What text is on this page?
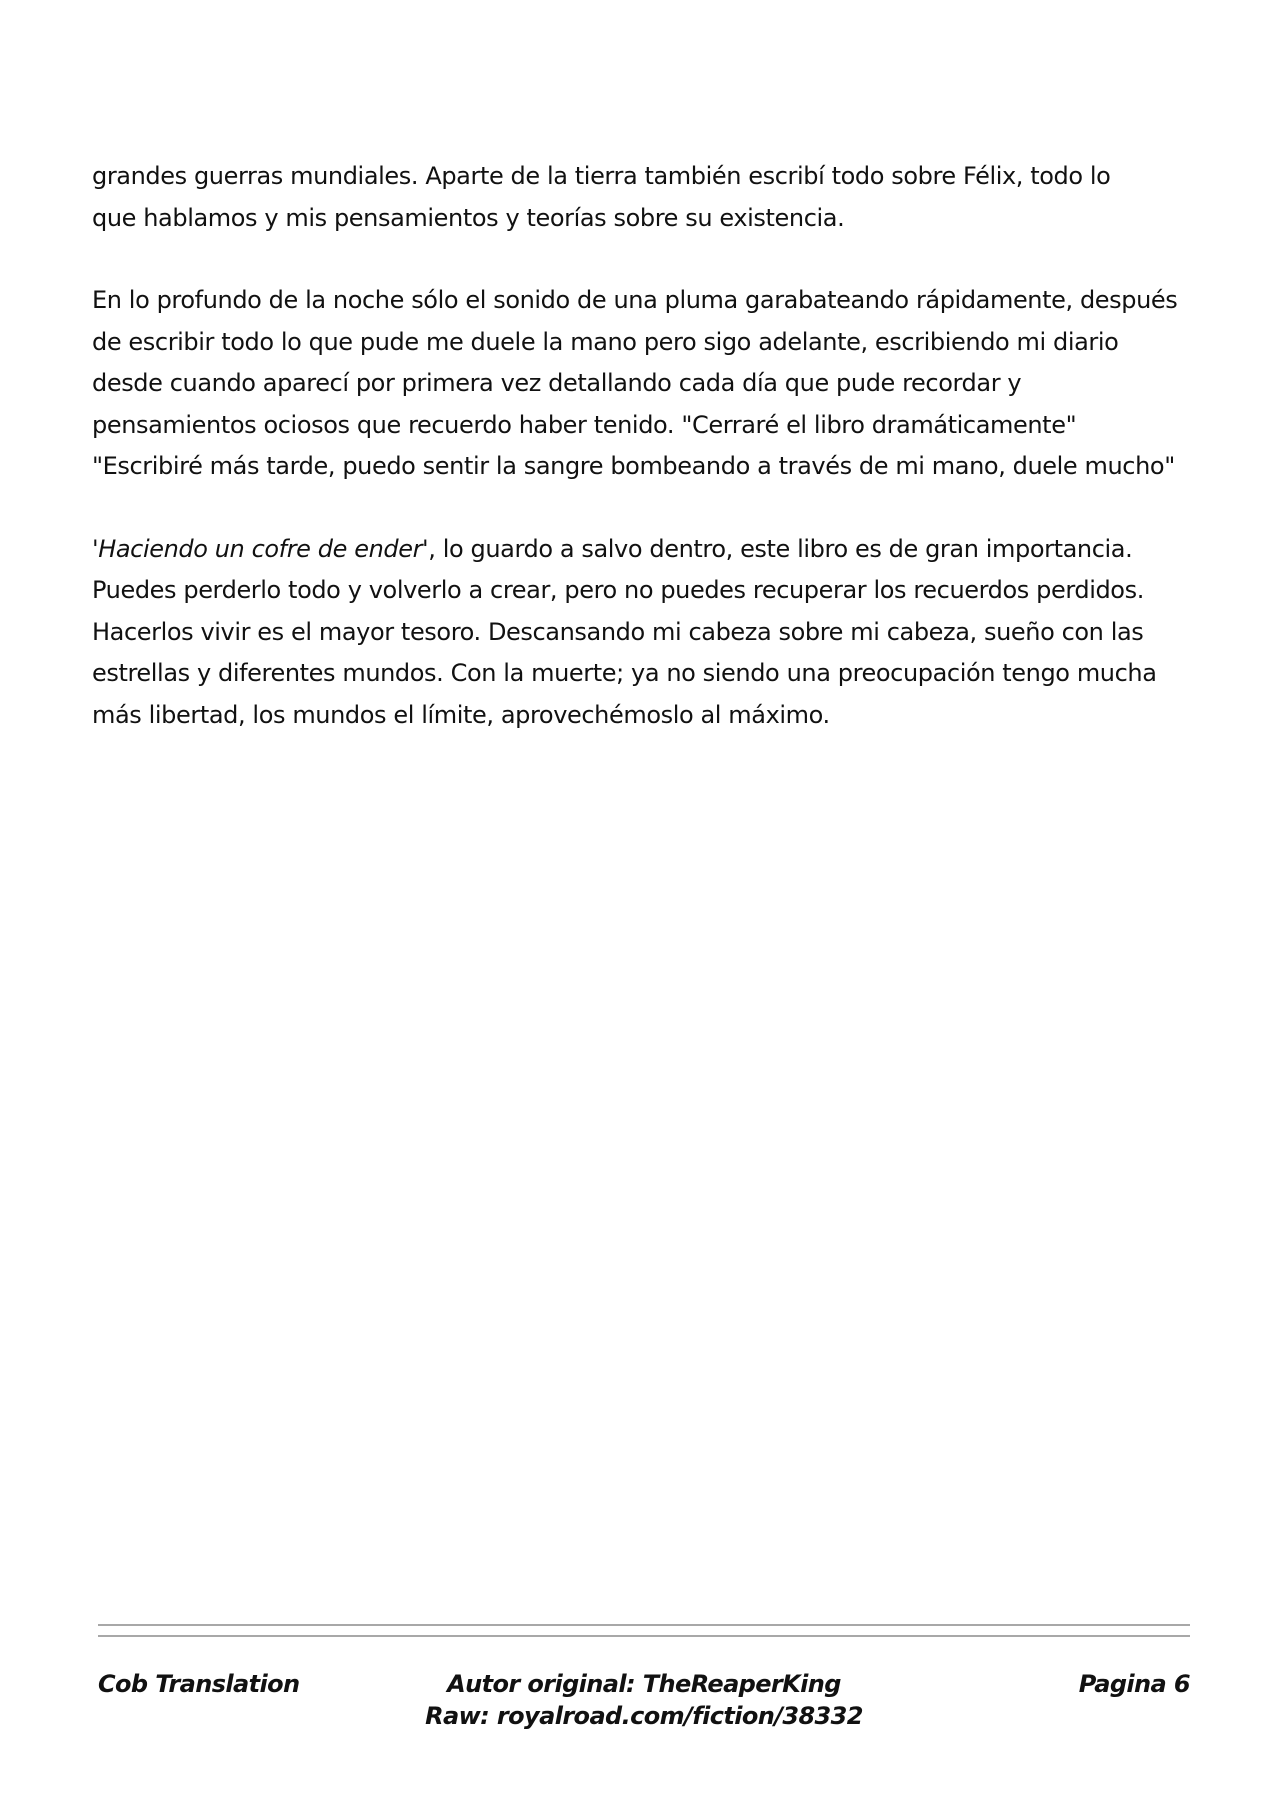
grandes guerras mundiales. Aparte de la tierra también escribí todo sobre Félix, todo lo
que hablamos y mis pensamientos y teorías sobre su existencia.

En lo profundo de la noche sólo el sonido de una pluma garabateando rápidamente, después
de escribir todo lo que pude me duele la mano pero sigo adelante, escribiendo mi diario
desde cuando aparecí por primera vez detallando cada día que pude recordar y
pensamientos ociosos que recuerdo haber tenido. "Cerraré el libro dramáticamente"
"Escribiré más tarde, puedo sentir la sangre bombeando a través de mi mano, duele mucho"

'Haciendo un cofre de ender', lo guardo a salvo dentro, este libro es de gran importancia.
Puedes perderlo todo y volverlo a crear, pero no puedes recuperar los recuerdos perdidos.
Hacerlos vivir es el mayor tesoro. Descansando mi cabeza sobre mi cabeza, sueño con las
estrellas y diferentes mundos. Con la muerte; ya no siendo una preocupación tengo mucha
más libertad, los mundos el límite, aprovechémoslo al máximo.

Cob Translation	Autor original: TheReaperKing
Raw: royalroad.com/fiction/38332
Pagina 6
